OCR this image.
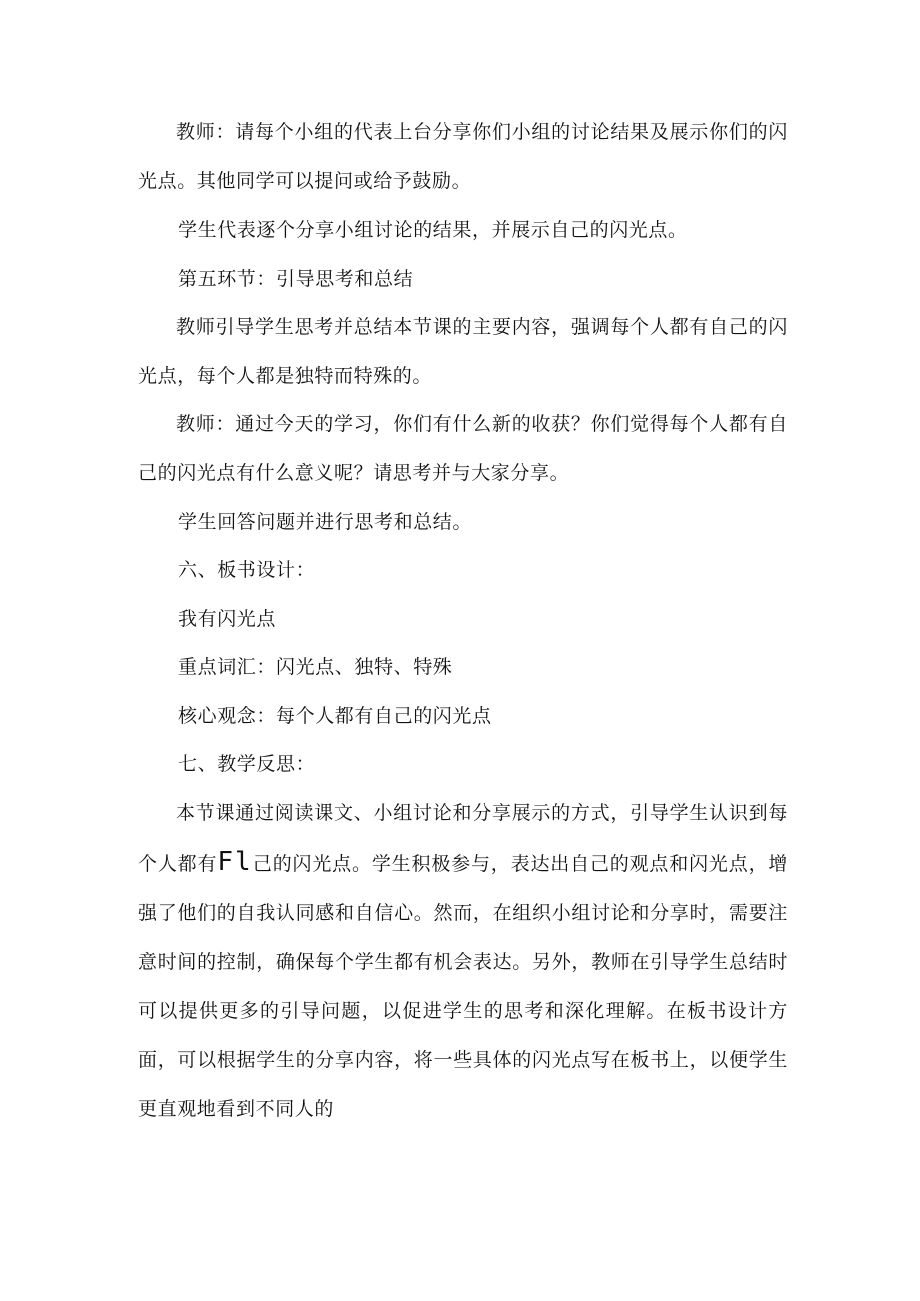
教师：请每个小组的代表上台分享你们小组的讨论结果及展示你们的闪光点。其他同学可以提问或给予鼓励。

学生代表逐个分享小组讨论的结果，并展示自己的闪光点。

第五环节：引导思考和总结

教师引导学生思考并总结本节课的主要内容，强调每个人都有自己的闪光点，每个人都是独特而特殊的。

教师：通过今天的学习，你们有什么新的收获？你们觉得每个人都有自己的闪光点有什么意义呢？请思考并与大家分享。

学生回答问题并进行思考和总结。

六、板书设计：

我有闪光点

重点词汇：闪光点、独特、特殊

核心观念：每个人都有自己的闪光点

七、教学反思：

本节课通过阅读课文、小组讨论和分享展示的方式，引导学生认识到每个人都有Fl己的闪光点。学生积极参与，表达出自己的观点和闪光点，增强了他们的自我认同感和自信心。然而，在组织小组讨论和分享时，需要注意时间的控制，确保每个学生都有机会表达。另外，教师在引导学生总结时可以提供更多的引导问题，以促进学生的思考和深化理解。在板书设计方面，可以根据学生的分享内容，将一些具体的闪光点写在板书上，以便学生更直观地看到不同人的
